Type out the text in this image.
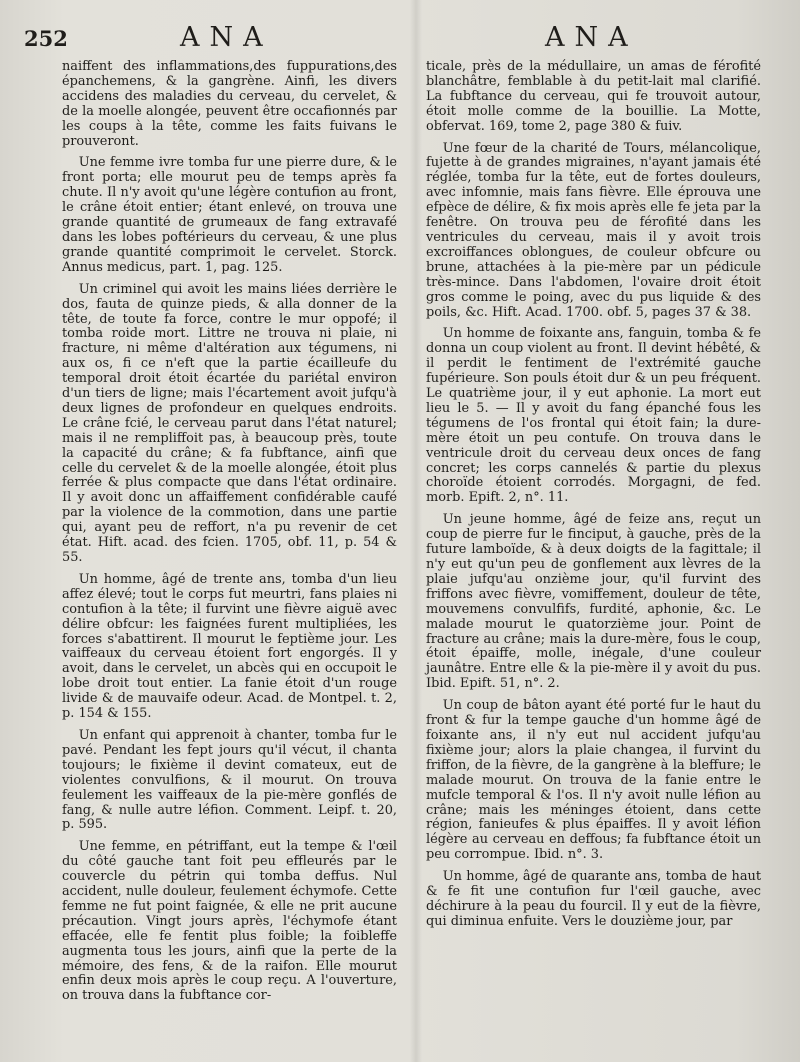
252	ANA	ANA

naiffent des inflammations,des fuppurations,des épanchemens, & la gangrène. Ainfi, les divers accidens des maladies du cerveau, du cervelet, & de la moelle alongée, peuvent être occafionnés par les coups à la tête, comme les faits fuivans le prouveront.

Une femme ivre tomba fur une pierre dure, & le front porta; elle mourut peu de temps après fa chute. Il n'y avoit qu'une légère contufion au front, le crâne étoit entier; étant enlevé, on trouva une grande quantité de grumeaux de fang extravafé dans les lobes poftérieurs du cerveau, & une plus grande quantité comprimoit le cervelet. Storck. Annus medicus, part. 1, pag. 125.

Un criminel qui avoit les mains liées derrière le dos, fauta de quinze pieds, & alla donner de la tête, de toute fa force, contre le mur oppofé; il tomba roide mort. Littre ne trouva ni plaie, ni fracture, ni même d'altération aux tégumens, ni aux os, fi ce n'eft que la partie écailleufe du temporal droit étoit écartée du pariétal environ d'un tiers de ligne; mais l'écartement avoit jufqu'à deux lignes de profondeur en quelques endroits. Le crâne fcié, le cerveau parut dans l'état naturel; mais il ne rempliffoit pas, à beaucoup près, toute la capacité du crâne; & fa fubftance, ainfi que celle du cervelet & de la moelle alongée, étoit plus ferrée & plus compacte que dans l'état ordinaire. Il y avoit donc un affaiffement confidérable caufé par la violence de la commotion, dans une partie qui, ayant peu de reffort, n'a pu revenir de cet état. Hift. acad. des fcien. 1705, obf. 11, p. 54 & 55.

Un homme, âgé de trente ans, tomba d'un lieu affez élevé; tout le corps fut meurtri, fans plaies ni contufion à la tête; il furvint une fièvre aiguë avec délire obfcur: les faignées furent multipliées, les forces s'abattirent. Il mourut le feptième jour. Les vaiffeaux du cerveau étoient fort engorgés. Il y avoit, dans le cervelet, un abcès qui en occupoit le lobe droit tout entier. La fanie étoit d'un rouge livide & de mauvaife odeur. Acad. de Montpel. t. 2, p. 154 & 155.

Un enfant qui apprenoit à chanter, tomba fur le pavé. Pendant les fept jours qu'il vécut, il chanta toujours; le fixième il devint comateux, eut de violentes convulfions, & il mourut. On trouva feulement les vaiffeaux de la pie-mère gonflés de fang, & nulle autre léfion. Comment. Leipf. t. 20, p. 595.

Une femme, en pétriffant, eut la tempe & l'œil du côté gauche tant foit peu effleurés par le couvercle du pétrin qui tomba deffus. Nul accident, nulle douleur, feulement échymofe. Cette femme ne fut point faignée, & elle ne prit aucune précaution. Vingt jours après, l'échymofe étant effacée, elle fe fentit plus foible; la foibleffe augmenta tous les jours, ainfi que la perte de la mémoire, des fens, & de la raifon. Elle mourut enfin deux mois après le coup reçu. A l'ouverture, on trouva dans la fubftance cor-

ticale, près de la médullaire, un amas de férofité blanchâtre, femblable à du petit-lait mal clarifié. La fubftance du cerveau, qui fe trouvoit autour, étoit molle comme de la bouillie. La Motte, obfervat. 169, tome 2, page 380 & fuiv.

Une fœur de la charité de Tours, mélancolique, fujette à de grandes migraines, n'ayant jamais été réglée, tomba fur la tête, eut de fortes douleurs, avec infomnie, mais fans fièvre. Elle éprouva une efpèce de délire, & fix mois après elle fe jeta par la fenêtre. On trouva peu de férofité dans les ventricules du cerveau, mais il y avoit trois excroiffances oblongues, de couleur obfcure ou brune, attachées à la pie-mère par un pédicule très-mince. Dans l'abdomen, l'ovaire droit étoit gros comme le poing, avec du pus liquide & des poils, &c. Hift. Acad. 1700. obf. 5, pages 37 & 38.

Un homme de foixante ans, fanguin, tomba & fe donna un coup violent au front. Il devint hébêté, & il perdit le fentiment de l'extrémité gauche fupérieure. Son pouls étoit dur & un peu fréquent. Le quatrième jour, il y eut aphonie. La mort eut lieu le 5. — Il y avoit du fang épanché fous les tégumens de l'os frontal qui étoit fain; la dure-mère étoit un peu contufe. On trouva dans le ventricule droit du cerveau deux onces de fang concret; les corps cannelés & partie du plexus choroïde étoient corrodés. Morgagni, de fed. morb. Epift. 2, n°. 11.

Un jeune homme, âgé de feize ans, reçut un coup de pierre fur le finciput, à gauche, près de la future lamboïde, & à deux doigts de la fagittale; il n'y eut qu'un peu de gonflement aux lèvres de la plaie jufqu'au onzième jour, qu'il furvint des friffons avec fièvre, vomiffement, douleur de tête, mouvemens convulfifs, furdité, aphonie, &c. Le malade mourut le quatorzième jour. Point de fracture au crâne; mais la dure-mère, fous le coup, étoit épaiffe, molle, inégale, d'une couleur jaunâtre. Entre elle & la pie-mère il y avoit du pus. Ibid. Epift. 51, n°. 2.

Un coup de bâton ayant été porté fur le haut du front & fur la tempe gauche d'un homme âgé de foixante ans, il n'y eut nul accident jufqu'au fixième jour; alors la plaie changea, il furvint du friffon, de la fièvre, de la gangrène à la bleffure; le malade mourut. On trouva de la fanie entre le mufcle temporal & l'os. Il n'y avoit nulle léfion au crâne; mais les méninges étoient, dans cette région, fanieufes & plus épaiffes. Il y avoit léfion légère au cerveau en deffous; fa fubftance étoit un peu corrompue. Ibid. n°. 3.

Un homme, âgé de quarante ans, tomba de haut & fe fit une contufion fur l'œil gauche, avec déchirure à la peau du fourcil. Il y eut de la fièvre, qui diminua enfuite. Vers le douzième jour, par
